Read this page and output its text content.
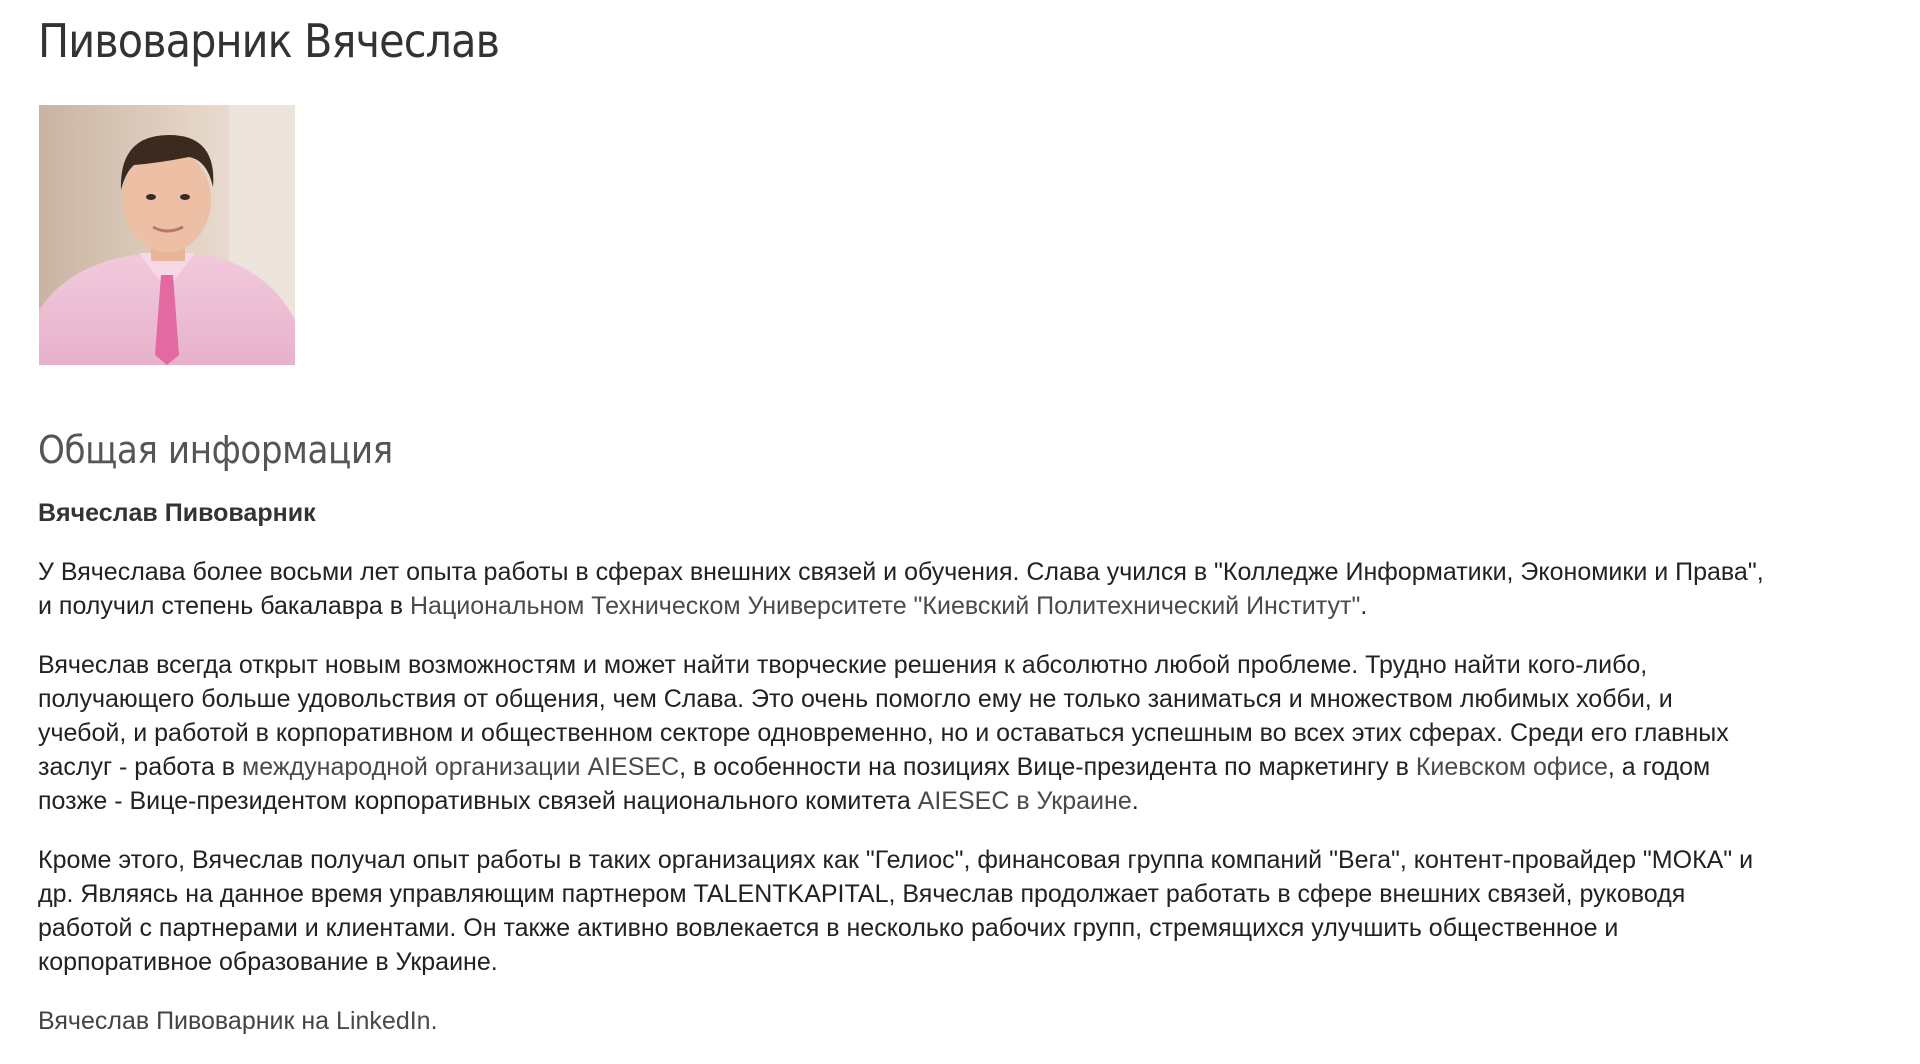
Пивоварник Вячеслав
Общая информация

Вячеслав Пивоварник

У Вячеслава более восьми лет опыта работы в сферах внешних связей и обучения. Слава учился в "Колледже Информатики, Экономики и Права",
и получил степень бакалавра в Национальном Техническом Университете "Киевский Политехнический Институт".

Вячеслав всегда открыт новым возможностям и может найти творческие решения к абсолютно любой проблеме. Трудно найти кого-либо,
получающего больше удовольствия от общения, чем Слава. Это очень помогло ему не только заниматься и множеством любимых хобби, и
учебой, и работой в корпоративном и общественном секторе одновременно, но и оставаться успешным во всех этих сферах. Среди его главных
заслуг - работа в международной организации AIESEC, в особенности на позициях Вице-президента по маркетингу в Киевском офисе, а годом
позже - Вице-президентом корпоративных связей национального комитета AIESEC в Украине.

Кроме этого, Вячеслав получал опыт работы в таких организациях как "Гелиос", финансовая группа компаний "Вега", контент-провайдер "МОКА" и
др. Являясь на данное время управляющим партнером TALENTKAPITAL, Вячеслав продолжает работать в сфере внешних связей, руководя
работой с партнерами и клиентами. Он также активно вовлекается в несколько рабочих групп, стремящихся улучшить общественное и
корпоративное образование в Украине.

Вячеслав Пивоварник на LinkedIn.
